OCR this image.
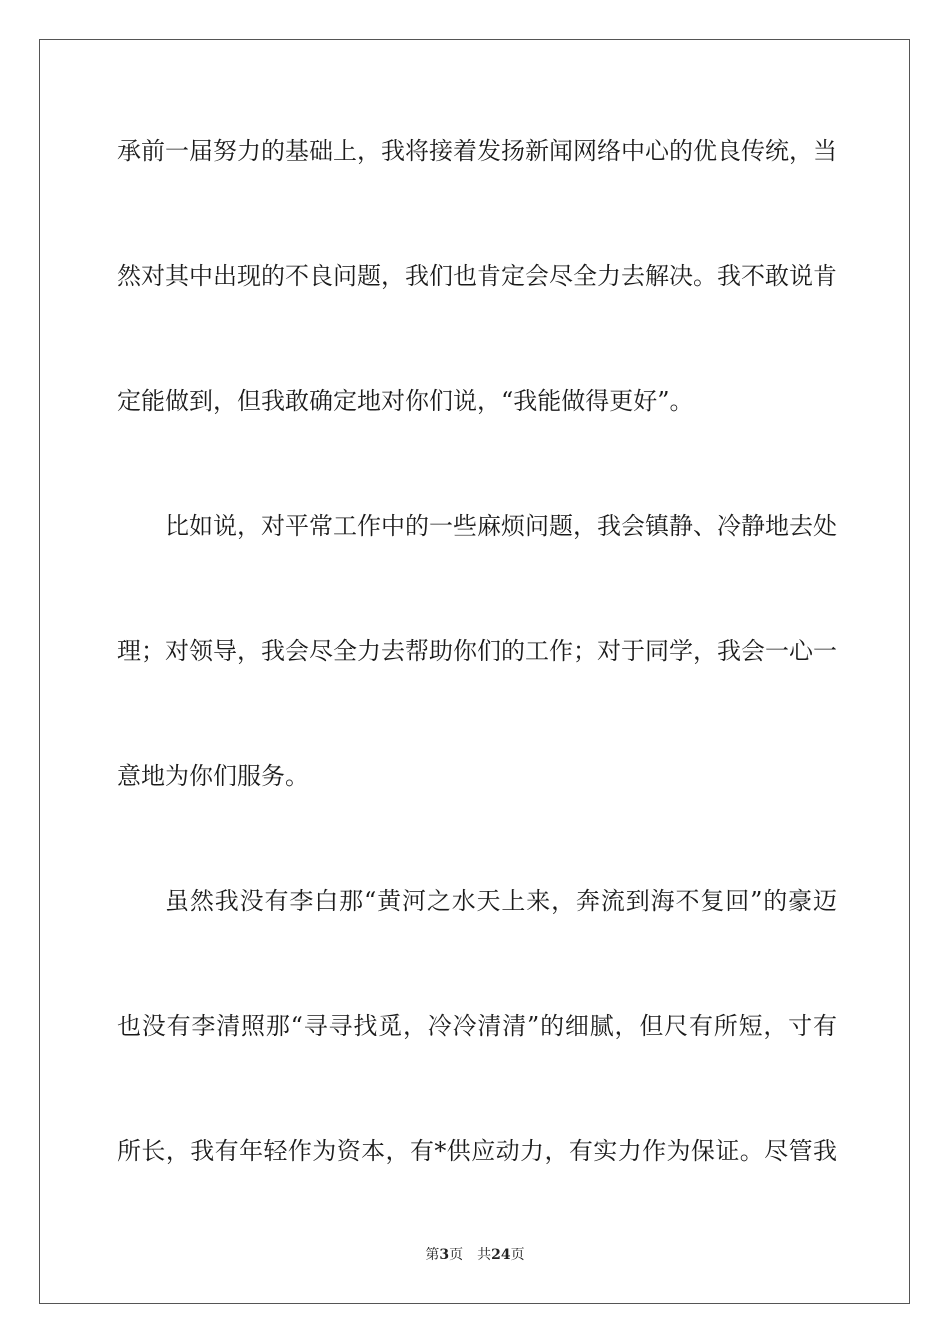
承前一届努力的基础上，我将接着发扬新闻网络中心的优良传统，当
然对其中出现的不良问题，我们也肯定会尽全力去解决。我不敢说肯
定能做到，但我敢确定地对你们说，“我能做得更好”。
比如说，对平常工作中的一些麻烦问题，我会镇静、冷静地去处
理；对领导，我会尽全力去帮助你们的工作；对于同学，我会一心一
意地为你们服务。
虽然我没有李白那“黄河之水天上来，奔流到海不复回”的豪迈
也没有李清照那“寻寻找觅，冷冷清清”的细腻，但尺有所短，寸有
所长，我有年轻作为资本，有*供应动力，有实力作为保证。尽管我
第3页 共24页
